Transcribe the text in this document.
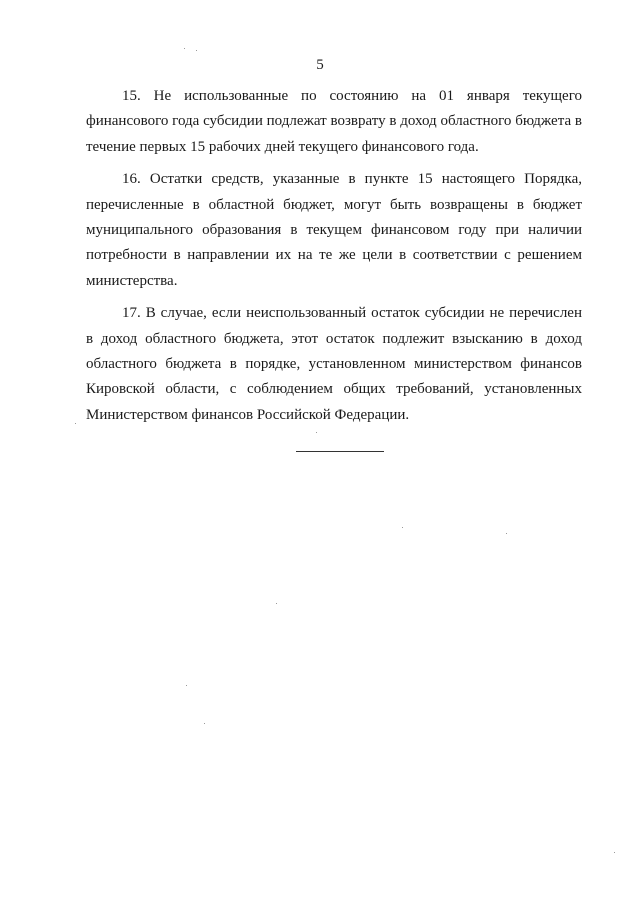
5

15. Не использованные по состоянию на 01 января текущего финансового года субсидии подлежат возврату в доход областного бюджета в течение первых 15 рабочих дней текущего финансового года.

16. Остатки средств, указанные в пункте 15 настоящего Порядка, перечисленные в областной бюджет, могут быть возвращены в бюджет муниципального образования в текущем финансовом году при наличии потребности в направлении их на те же цели в соответствии с решением министерства.

17. В случае, если неиспользованный остаток субсидии не перечислен в доход областного бюджета, этот остаток подлежит взысканию в доход областного бюджета в порядке, установленном министерством финансов Кировской области, с соблюдением общих требований, установленных Министерством финансов Российской Федерации.
